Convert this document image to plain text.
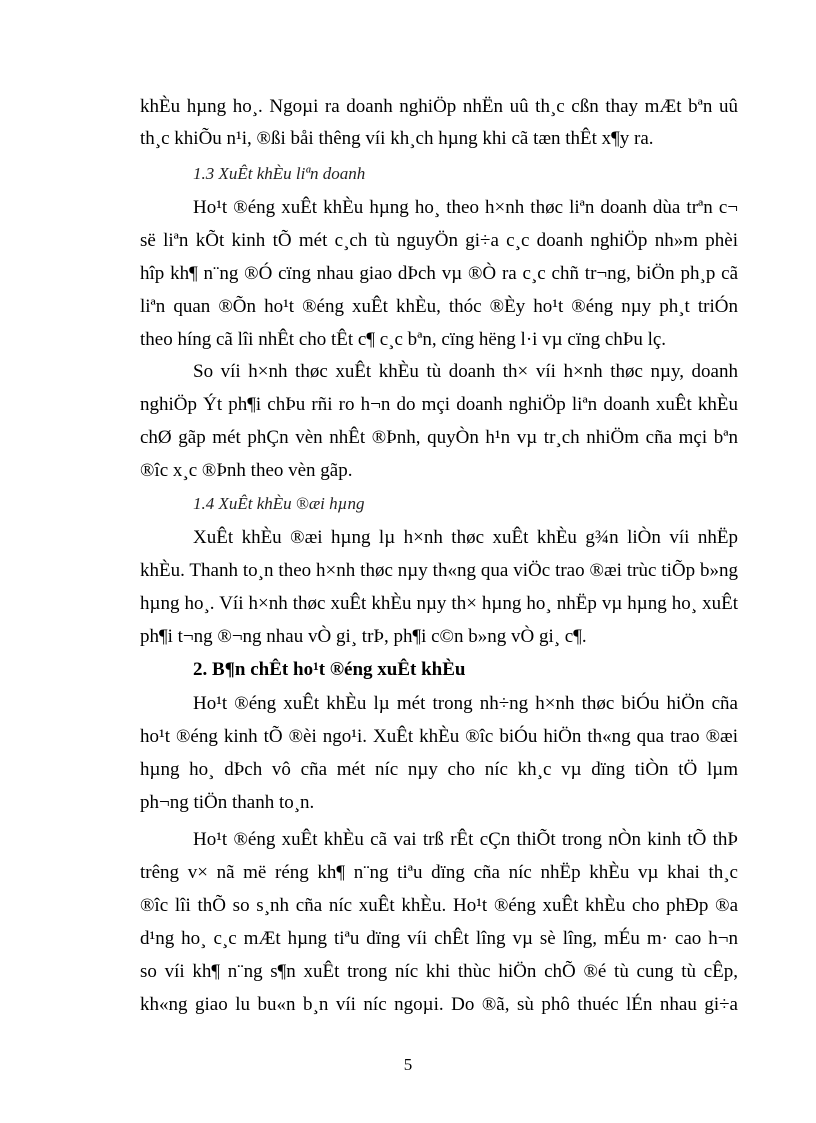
khÈu hµng ho¸. Ngoµi ra doanh nghiÖp nhËn uû th¸c cßn thay mÆt bªn uû
th¸c khiÕu n¹i, ®ßi båi thêng víi kh¸ch hµng khi cã tæn thÊt x¶y ra.
1.3 XuÊt khÈu liªn doanh
Ho¹t ®éng xuÊt khÈu hµng ho¸ theo h×nh thøc liªn doanh dùa trªn c¬
së liªn kÕt kinh tÕ mét c¸ch tù nguyÖn gi÷a c¸c doanh nghiÖp nh»m phèi
hîp kh¶ n¨ng ®Ó cïng nhau giao dÞch vµ ®Ò ra c¸c chñ tr¬ng, biÖn ph¸p cã
liªn quan ®Õn ho¹t ®éng xuÊt khÈu, thóc ®Èy ho¹t ®éng nµy ph¸t triÓn
theo híng cã lîi nhÊt cho tÊt c¶ c¸c bªn, cïng hëng l·i vµ cïng chÞu lç.
So víi h×nh thøc xuÊt khÈu tù doanh th× víi h×nh thøc nµy, doanh
nghiÖp Ýt ph¶i chÞu rñi ro h¬n do mçi doanh nghiÖp liªn doanh xuÊt khÈu
chØ gãp mét phÇn vèn nhÊt ®Þnh, quyÒn h¹n vµ tr¸ch nhiÖm cña mçi bªn
®îc x¸c ®Þnh theo vèn gãp.
1.4 XuÊt khÈu ®æi hµng
XuÊt khÈu ®æi hµng lµ h×nh thøc xuÊt khÈu g¾n liÒn víi nhËp
khÈu. Thanh to¸n theo h×nh thøc nµy th«ng qua viÖc trao ®æi trùc tiÕp b»ng
hµng ho¸. Víi h×nh thøc xuÊt khÈu nµy th× hµng ho¸ nhËp vµ hµng ho¸ xuÊt
ph¶i t¬ng ®¬ng nhau vÒ gi¸ trÞ, ph¶i c©n b»ng vÒ gi¸ c¶.
2. B¶n chÊt ho¹t ®éng xuÊt khÈu
Ho¹t ®éng xuÊt khÈu lµ mét trong nh÷ng h×nh thøc biÓu hiÖn cña
ho¹t ®éng kinh tÕ ®èi ngo¹i. XuÊt khÈu ®îc biÓu hiÖn th«ng qua trao ®æi
hµng ho¸ dÞch vô cña mét níc nµy cho níc kh¸c vµ dïng tiÒn tÖ lµm
ph¬ng tiÖn thanh to¸n.
Ho¹t ®éng xuÊt khÈu cã vai trß rÊt cÇn thiÕt trong nÒn kinh tÕ thÞ
trêng v× nã më réng kh¶ n¨ng tiªu dïng cña níc nhËp khÈu vµ khai th¸c
®îc lîi thÕ so s¸nh cña níc xuÊt khÈu. Ho¹t ®éng xuÊt khÈu cho phÐp ®a
d¹ng ho¸ c¸c mÆt hµng tiªu dïng víi chÊt lîng vµ sè lîng, mÉu m· cao h¬n
so víi kh¶ n¨ng s¶n xuÊt trong níc khi thùc hiÖn chÕ ®é tù cung tù cÊp,
kh«ng giao lu bu«n b¸n víi níc ngoµi. Do ®ã, sù phô thuéc lÉn nhau gi÷a
5
